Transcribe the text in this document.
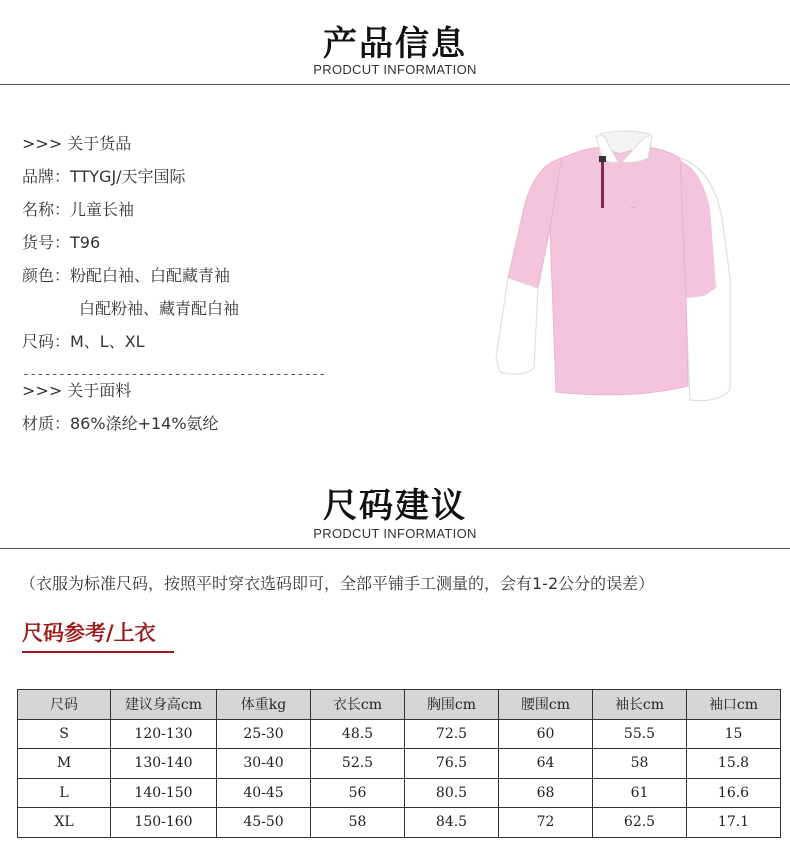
产品信息
PRODCUT INFORMATION
>>> 关于货品
品牌：TTYGJ/天宇国际
名称：儿童长袖
货号：T96
颜色：粉配白袖、白配藏青袖
白配粉袖、藏青配白袖
尺码：M、L、XL
------------------------------------------
>>> 关于面料
材质：86%涤纶+14%氨纶
~
尺码建议
PRODCUT INFORMATION
（衣服为标准尺码，按照平时穿衣选码即可，全部平铺手工测量的，会有1-2公分的误差）
尺码参考/上衣
尺码	建议身高cm	体重kg	衣长cm	胸围cm	腰围cm	袖长cm	袖口cm
S	120-130	25-30	48.5	72.5	60	55.5	15
M	130-140	30-40	52.5	76.5	64	58	15.8
L	140-150	40-45	56	80.5	68	61	16.6
XL	150-160	45-50	58	84.5	72	62.5	17.1
